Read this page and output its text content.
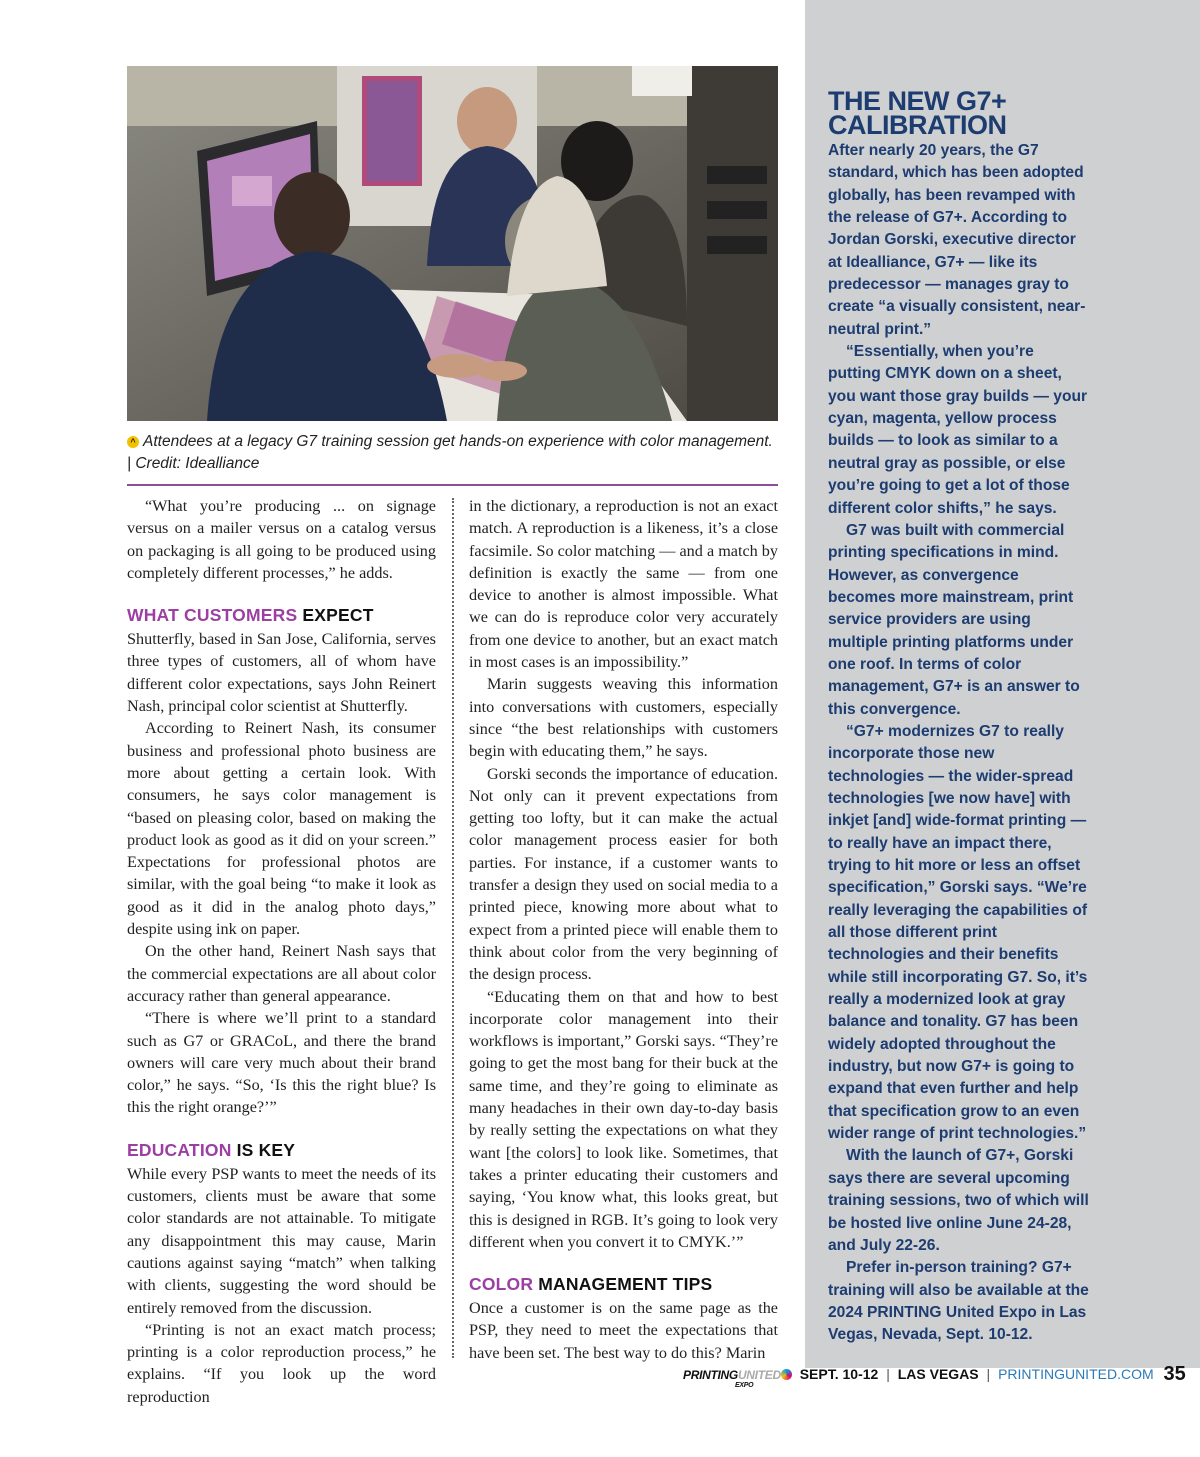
^ Attendees at a legacy G7 training session get hands-on experience with color management.
| Credit: Idealliance

“What you’re producing ... on signage versus on a mailer versus on a catalog versus on packaging is all going to be produced using completely different processes,” he adds.

WHAT CUSTOMERS EXPECT

Shutterfly, based in San Jose, California, serves three types of customers, all of whom have different color expectations, says John Reinert Nash, principal color scientist at Shutterfly.

According to Reinert Nash, its consumer business and professional photo business are more about getting a certain look. With consumers, he says color management is “based on pleasing color, based on making the product look as good as it did on your screen.” Expectations for professional photos are similar, with the goal being “to make it look as good as it did in the analog photo days,” despite using ink on paper.

On the other hand, Reinert Nash says that the commercial expectations are all about color accuracy rather than general appearance.

“There is where we’ll print to a standard such as G7 or GRACoL, and there the brand owners will care very much about their brand color,” he says. “So, ‘Is this the right blue? Is this the right orange?’”

EDUCATION IS KEY

While every PSP wants to meet the needs of its customers, clients must be aware that some color standards are not attainable. To mitigate any disappointment this may cause, Marin cautions against saying “match” when talking with clients, suggesting the word should be entirely removed from the discussion.

“Printing is not an exact match process; printing is a color reproduction process,” he explains. “If you look up the word reproduction

in the dictionary, a reproduction is not an exact match. A reproduction is a likeness, it’s a close facsimile. So color matching — and a match by definition is exactly the same — from one device to another is almost impossible. What we can do is reproduce color very accurately from one device to another, but an exact match in most cases is an impossibility.”

Marin suggests weaving this information into conversations with customers, especially since “the best relationships with customers begin with educating them,” he says.

Gorski seconds the importance of education. Not only can it prevent expectations from getting too lofty, but it can make the actual color management process easier for both parties. For instance, if a customer wants to transfer a design they used on social media to a printed piece, knowing more about what to expect from a printed piece will enable them to think about color from the very beginning of the design process.

“Educating them on that and how to best incorporate color management into their workflows is important,” Gorski says. “They’re going to get the most bang for their buck at the same time, and they’re going to eliminate as many headaches in their own day-to-day basis by really setting the expectations on what they want [the colors] to look like. Sometimes, that takes a printer educating their customers and saying, ‘You know what, this looks great, but this is designed in RGB. It’s going to look very different when you convert it to CMYK.’”

COLOR MANAGEMENT TIPS

Once a customer is on the same page as the PSP, they need to meet the expectations that have been set. The best way to do this? Marin

THE NEW G7+
CALIBRATION

After nearly 20 years, the G7 standard, which has been adopted globally, has been revamped with the release of G7+. According to Jordan Gorski, executive director at Idealliance, G7+ — like its predecessor — manages gray to create “a visually consistent, near-neutral print.”

“Essentially, when you’re putting CMYK down on a sheet, you want those gray builds — your cyan, magenta, yellow process builds — to look as similar to a neutral gray as possible, or else you’re going to get a lot of those different color shifts,” he says.

G7 was built with commercial printing specifications in mind. However, as convergence becomes more mainstream, print service providers are using multiple printing platforms under one roof. In terms of color management, G7+ is an answer to this convergence.

“G7+ modernizes G7 to really incorporate those new technologies — the wider-spread technologies [we now have] with inkjet [and] wide-format printing — to really have an impact there, trying to hit more or less an offset specification,” Gorski says. “We’re really leveraging the capabilities of all those different print technologies and their benefits while still incorporating G7. So, it’s really a modernized look at gray balance and tonality. G7 has been widely adopted throughout the industry, but now G7+ is going to expand that even further and help that specification grow to an even wider range of print technologies.”

With the launch of G7+, Gorski says there are several upcoming training sessions, two of which will be hosted live online June 24-28, and July 22-26.

Prefer in-person training? G7+ training will also be available at the 2024 PRINTING United Expo in Las Vegas, Nevada, Sept. 10-12.

PRINTINGUNITED
EXPO
SEPT. 10-12 | LAS VEGAS | PRINTINGUNITED.COM 35
